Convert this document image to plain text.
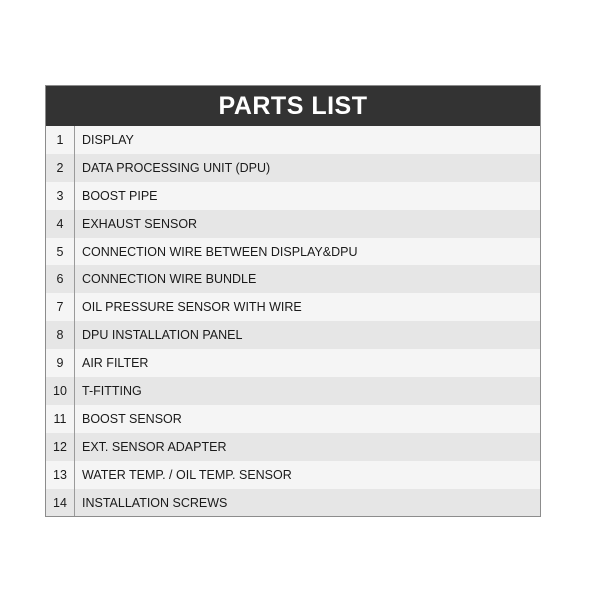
PARTS LIST
1	DISPLAY
2	DATA PROCESSING UNIT (DPU)
3	BOOST PIPE
4	EXHAUST SENSOR
5	CONNECTION WIRE BETWEEN DISPLAY&DPU
6	CONNECTION WIRE BUNDLE
7	OIL PRESSURE SENSOR WITH WIRE
8	DPU INSTALLATION PANEL
9	AIR FILTER
10	T-FITTING
11	BOOST SENSOR
12	EXT. SENSOR ADAPTER
13	WATER TEMP. / OIL TEMP. SENSOR
14	INSTALLATION SCREWS
